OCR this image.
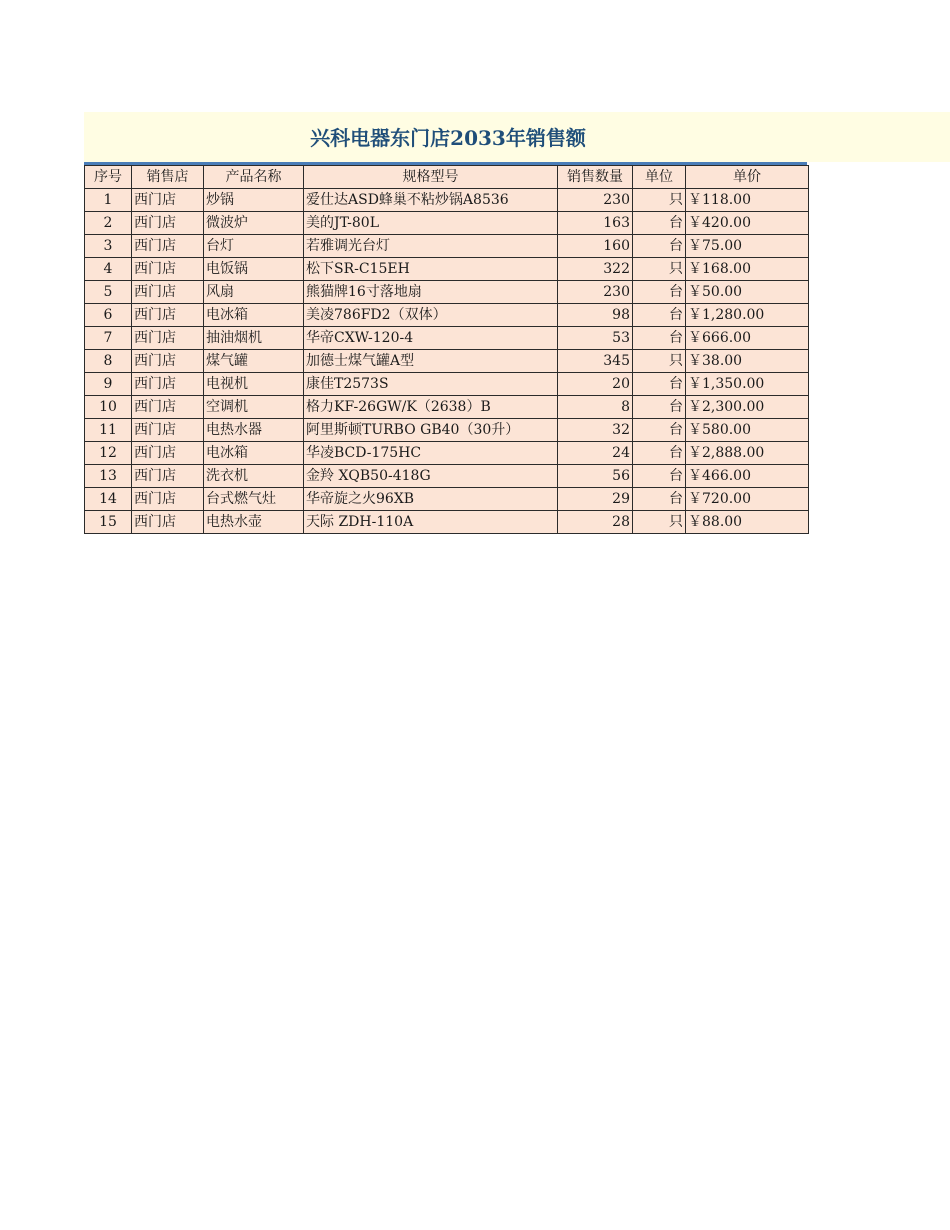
兴科电器东门店2033年销售额
序号	销售店	产品名称	规格型号	销售数量	单位	单价
1	西门店	炒锅	爱仕达ASD蜂巢不粘炒锅A8536	230	只	￥118.00
2	西门店	微波炉	美的JT-80L	163	台	￥420.00
3	西门店	台灯	若雅调光台灯	160	台	￥75.00
4	西门店	电饭锅	松下SR-C15EH	322	只	￥168.00
5	西门店	风扇	熊猫牌16寸落地扇	230	台	￥50.00
6	西门店	电冰箱	美凌786FD2（双体）	98	台	￥1,280.00
7	西门店	抽油烟机	华帝CXW-120-4	53	台	￥666.00
8	西门店	煤气罐	加德士煤气罐A型	345	只	￥38.00
9	西门店	电视机	康佳T2573S	20	台	￥1,350.00
10	西门店	空调机	格力KF-26GW/K（2638）B	8	台	￥2,300.00
11	西门店	电热水器	阿里斯顿TURBO GB40（30升）	32	台	￥580.00
12	西门店	电冰箱	华凌BCD-175HC	24	台	￥2,888.00
13	西门店	洗衣机	金羚 XQB50-418G	56	台	￥466.00
14	西门店	台式燃气灶	华帝旋之火96XB	29	台	￥720.00
15	西门店	电热水壶	天际 ZDH-110A	28	只	￥88.00
